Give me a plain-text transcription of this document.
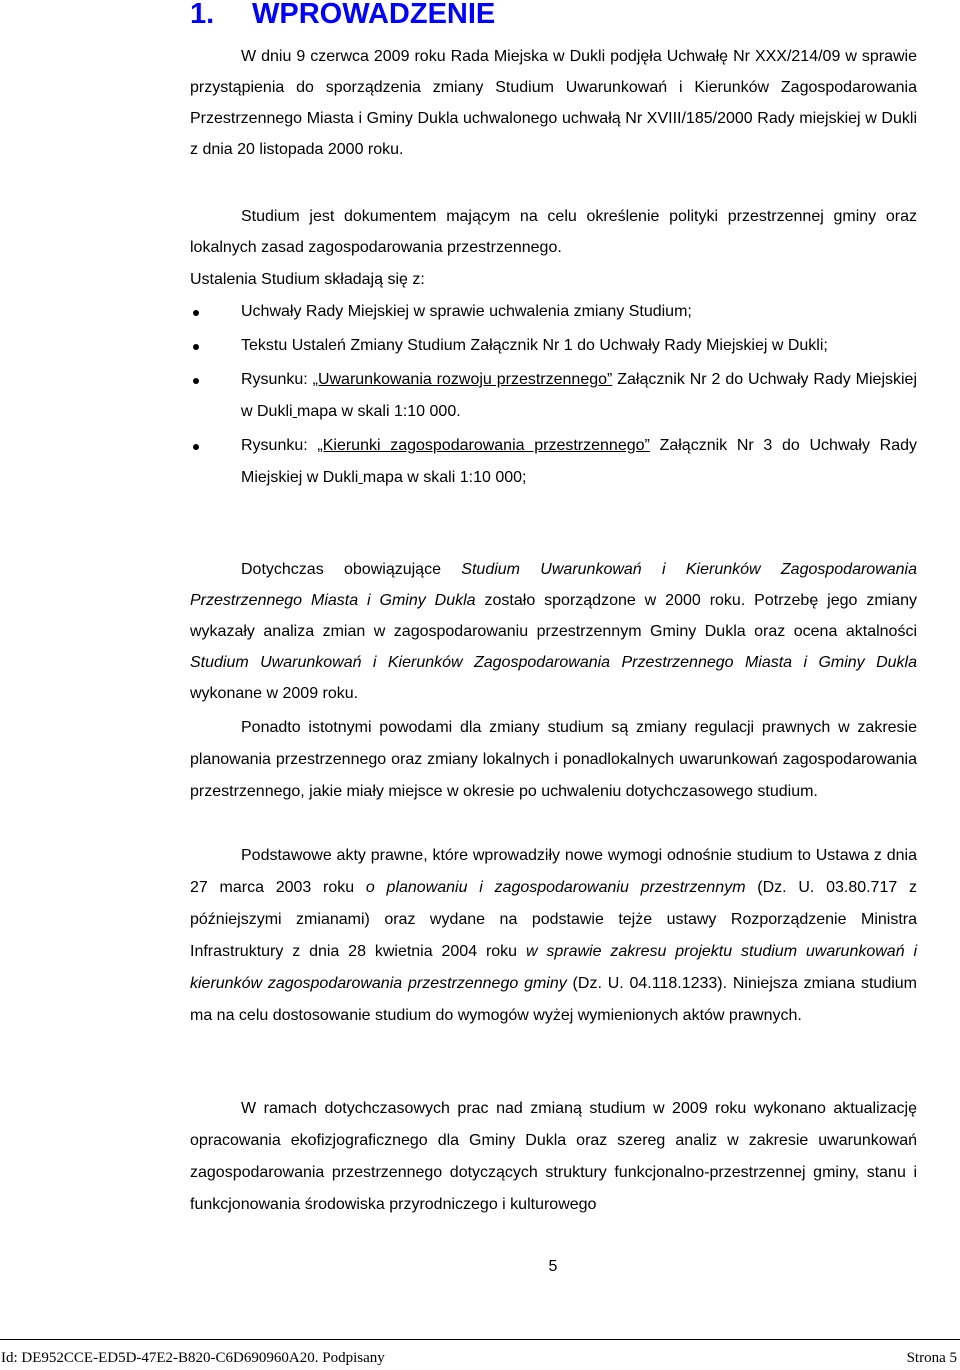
1. WPROWADZENIE

W dniu 9 czerwca 2009 roku Rada Miejska w Dukli podjęła Uchwałę Nr XXX/214/09 w sprawie przystąpienia do sporządzenia zmiany Studium Uwarunkowań i Kierunków Zagospodarowania Przestrzennego Miasta i Gminy Dukla uchwalonego uchwałą Nr XVIII/185/2000 Rady miejskiej w Dukli z dnia 20 listopada 2000 roku.

Studium jest dokumentem mającym na celu określenie polityki przestrzennej gminy oraz lokalnych zasad zagospodarowania przestrzennego.

Ustalenia Studium składają się z:

Uchwały Rady Miejskiej w sprawie uchwalenia zmiany Studium;
Tekstu Ustaleń Zmiany Studium Załącznik Nr 1 do Uchwały Rady Miejskiej w Dukli;
Rysunku: „Uwarunkowania rozwoju przestrzennego” Załącznik Nr 2 do Uchwały Rady Miejskiej w Dukli mapa w skali 1:10 000.
Rysunku: „Kierunki zagospodarowania przestrzennego” Załącznik Nr 3 do Uchwały Rady Miejskiej w Dukli mapa w skali 1:10 000;

Dotychczas obowiązujące Studium Uwarunkowań i Kierunków Zagospodarowania Przestrzennego Miasta i Gminy Dukla zostało sporządzone w 2000 roku. Potrzebę jego zmiany wykazały analiza zmian w zagospodarowaniu przestrzennym Gminy Dukla oraz ocena aktalności Studium Uwarunkowań i Kierunków Zagospodarowania Przestrzennego Miasta i Gminy Dukla wykonane w 2009 roku.

Ponadto istotnymi powodami dla zmiany studium są zmiany regulacji prawnych w zakresie planowania przestrzennego oraz zmiany lokalnych i ponadlokalnych uwarunkowań zagospodarowania przestrzennego, jakie miały miejsce w okresie po uchwaleniu dotychczasowego studium.

Podstawowe akty prawne, które wprowadziły nowe wymogi odnośnie studium to Ustawa z dnia 27 marca 2003 roku o planowaniu i zagospodarowaniu przestrzennym (Dz. U. 03.80.717 z późniejszymi zmianami) oraz wydane na podstawie tejże ustawy Rozporządzenie Ministra Infrastruktury z dnia 28 kwietnia 2004 roku w sprawie zakresu projektu studium uwarunkowań i kierunków zagospodarowania przestrzennego gminy (Dz. U. 04.118.1233). Niniejsza zmiana studium ma na celu dostosowanie studium do wymogów wyżej wymienionych aktów prawnych.

W ramach dotychczasowych prac nad zmianą studium w 2009 roku wykonano aktualizację opracowania ekofizjograficznego dla Gminy Dukla oraz szereg analiz w zakresie uwarunkowań zagospodarowania przestrzennego dotyczących struktury funkcjonalno-przestrzennej gminy, stanu i funkcjonowania środowiska przyrodniczego i kulturowego

5

Id: DE952CCE-ED5D-47E2-B820-C6D690960A20. Podpisany	Strona 5
